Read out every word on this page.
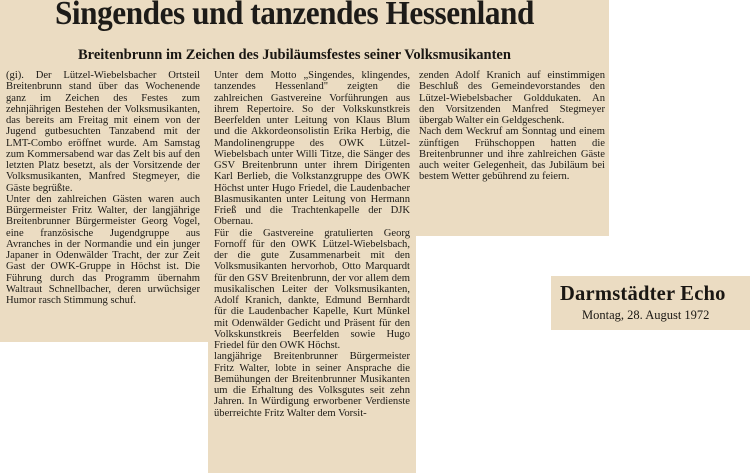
Singendes und tanzendes Hessenland
Breitenbrunn im Zeichen des Jubiläumsfestes seiner Volksmusikanten

(gi). Der Lützel-Wiebelsbacher Ortsteil Breitenbrunn stand über das Wochenende ganz im Zeichen des Festes zum zehnjährigen Bestehen der Volksmusikanten, das bereits am Freitag mit einem von der Jugend gutbesuchten Tanzabend mit der LMT-Combo eröffnet wurde. Am Samstag zum Kommersabend war das Zelt bis auf den letzten Platz besetzt, als der Vorsitzende der Volksmusikanten, Manfred Stegmeyer, die Gäste begrüßte.

Unter den zahlreichen Gästen waren auch Bürgermeister Fritz Walter, der langjährige Breitenbrunner Bürgermeister Georg Vogel, eine französische Jugendgruppe aus Avranches in der Normandie und ein junger Japaner in Odenwälder Tracht, der zur Zeit Gast der OWK-Gruppe in Höchst ist. Die Führung durch das Programm übernahm Waltraut Schnellbacher, deren urwüchsiger Humor rasch Stimmung schuf.

Unter dem Motto „Singendes, klingendes, tanzendes Hessenland" zeigten die zahlreichen Gastvereine Vorführungen aus ihrem Repertoire. So der Volkskunstkreis Beerfelden unter Leitung von Klaus Blum und die Akkordeonsolistin Erika Herbig, die Mandolinengruppe des OWK Lützel-Wiebelsbach unter Willi Titze, die Sänger des GSV Breitenbrunn unter ihrem Dirigenten Karl Berlieb, die Volkstanzgruppe des OWK Höchst unter Hugo Friedel, die Laudenbacher Blasmusikanten unter Leitung von Hermann Frieß und die Trachtenkapelle der DJK Obernau.

Für die Gastvereine gratulierten Georg Fornoff für den OWK Lützel-Wiebelsbach, der die gute Zusammenarbeit mit den Volksmusikanten hervorhob, Otto Marquardt für den GSV Breitenbrunn, der vor allem dem musikalischen Leiter der Volksmusikanten, Adolf Kranich, dankte, Edmund Bernhardt für die Laudenbacher Kapelle, Kurt Münkel mit Odenwälder Gedicht und Präsent für den Volkskunstkreis Beerfelden sowie Hugo Friedel für den OWK Höchst.

langjährige Breitenbrunner Bürgermeister Fritz Walter, lobte in seiner Ansprache die Bemühungen der Breitenbrunner Musikanten um die Erhaltung des Volksgutes seit zehn Jahren. In Würdigung erworbener Verdienste überreichte Fritz Walter dem Vorsit-

zenden Adolf Kranich auf einstimmigen Beschluß des Gemeindevorstandes den Lützel-Wiebelsbacher Golddukaten. An den Vorsitzenden Manfred Stegmeyer übergab Walter ein Geldgeschenk.

Nach dem Weckruf am Sonntag und einem zünftigen Frühschoppen hatten die Breitenbrunner und ihre zahlreichen Gäste auch weiter Gelegenheit, das Jubiläum bei bestem Wetter gebührend zu feiern.

Darmstädter Echo
Montag, 28. August 1972
